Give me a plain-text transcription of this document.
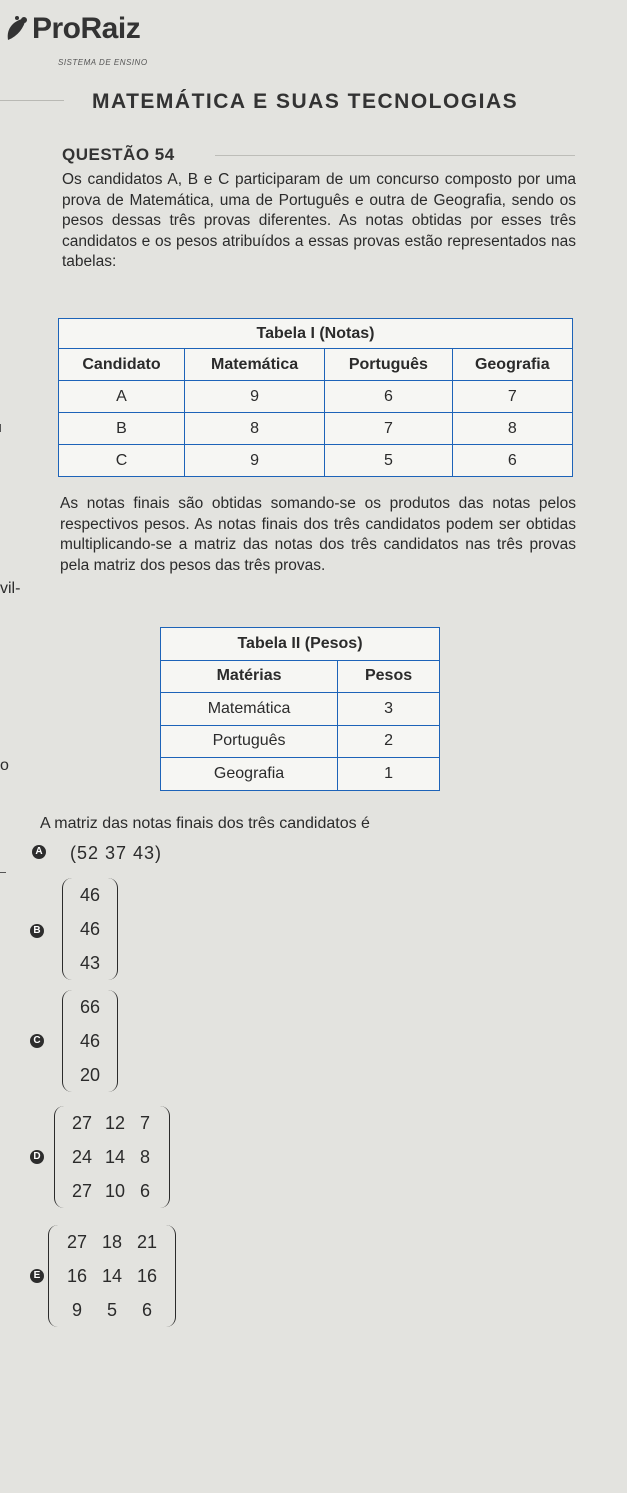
ProRaiz
SISTEMA DE ENSINO
MATEMÁTICA E SUAS TECNOLOGIAS
QUESTÃO 54
Os candidatos A, B e C participaram de um concurso composto por uma prova de Matemática, uma de Português e outra de Geografia, sendo os pesos dessas três provas diferentes. As notas obtidas por esses três candidatos e os pesos atribuídos a essas provas estão representados nas tabelas:
Tabela I (Notas)			
Candidato	Matemática	Português	Geografia
A	9	6	7
B	8	7	8
C	9	5	6
As notas finais são obtidas somando-se os produtos das notas pelos respectivos pesos. As notas finais dos três candidatos podem ser obtidas multiplicando-se a matriz das notas dos três candidatos nas três provas pela matriz dos pesos das três provas.
vil-
Tabela II (Pesos)	
Matérias	Pesos
Matemática	3
Português	2
Geografia	1
o
A matriz das notas finais dos três candidatos é
A (52 37 43)
B
46
46
43
C
66
46
20
D
27 12 7
24 14 8
27 10 6
E
27 18 21
16 14 16
9	5	6
